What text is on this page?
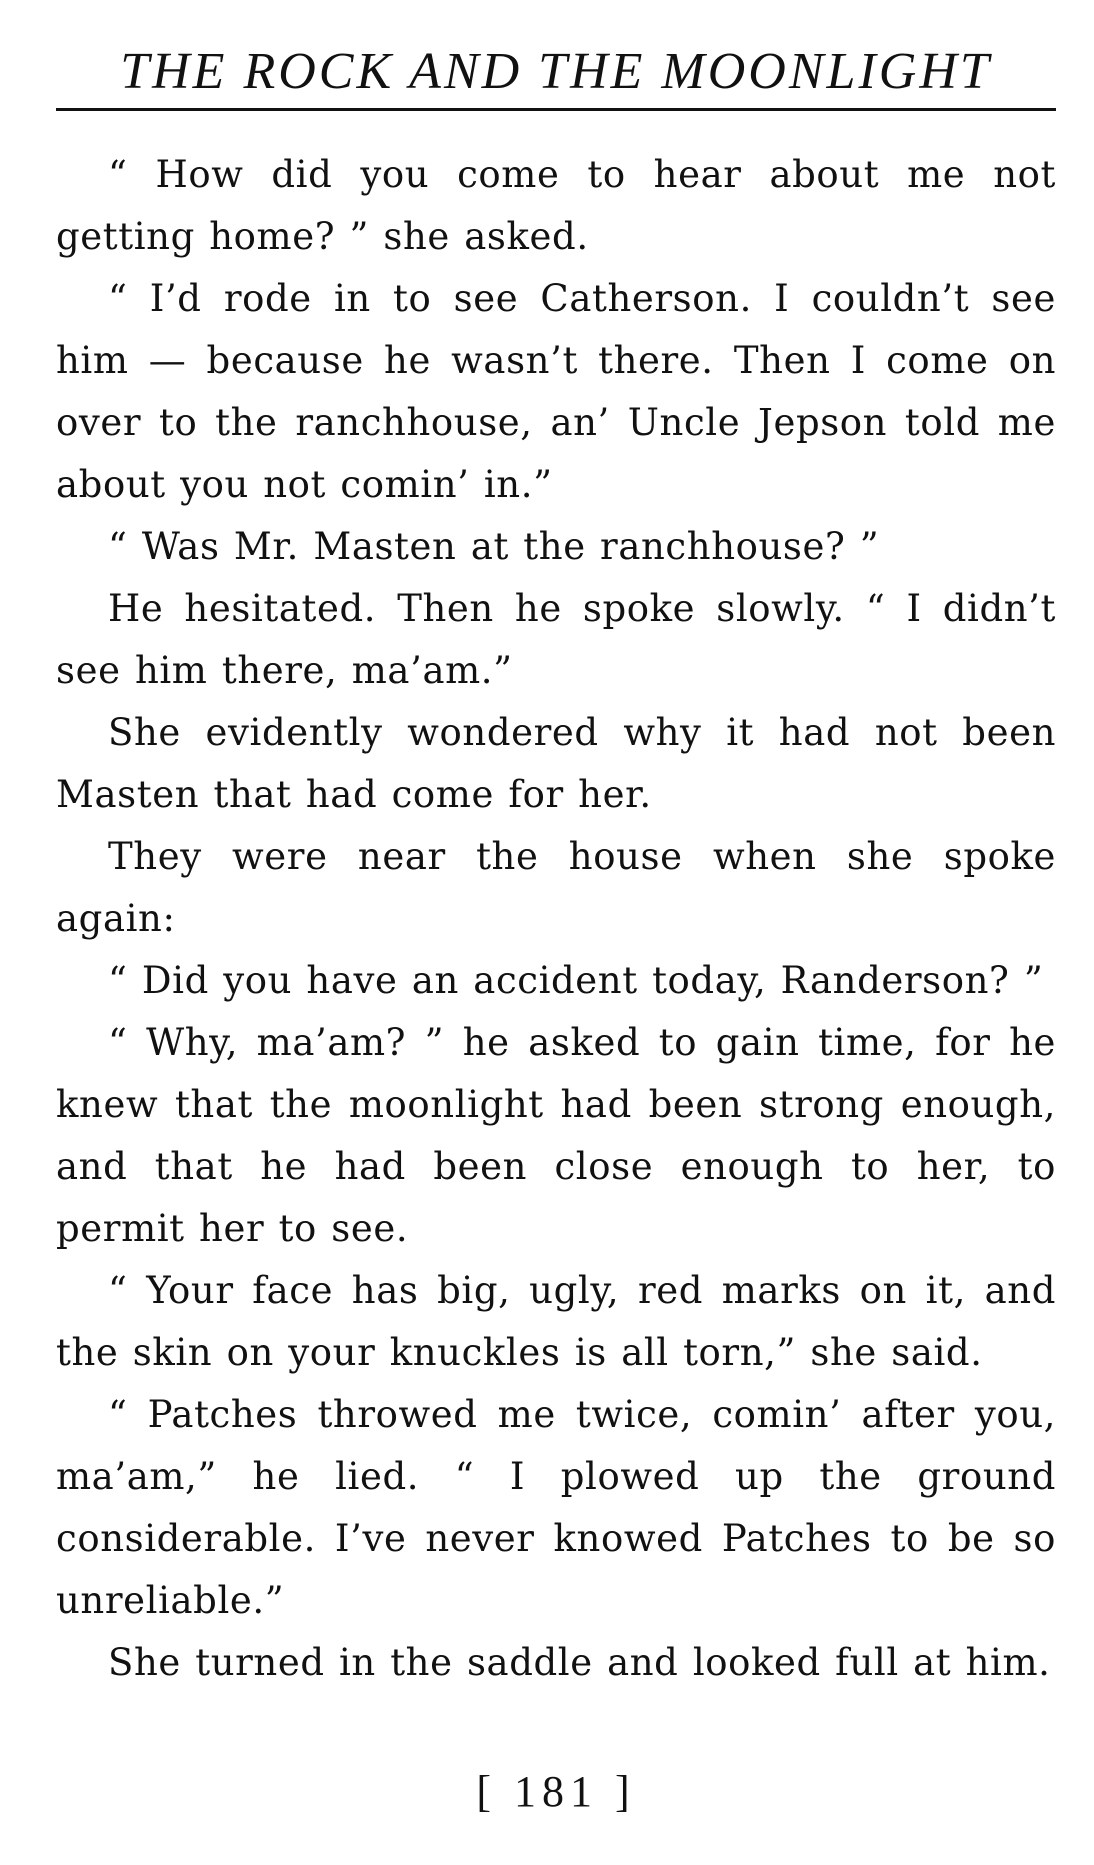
THE ROCK AND THE MOONLIGHT

“ How did you come to hear about me not getting home? ” she asked.

“ I’d rode in to see Catherson. I couldn’t see him — because he wasn’t there. Then I come on over to the ranchhouse, an’ Uncle Jepson told me about you not comin’ in.”

“ Was Mr. Masten at the ranchhouse? ”

He hesitated. Then he spoke slowly. “ I didn’t see him there, ma’am.”

She evidently wondered why it had not been Masten that had come for her.

They were near the house when she spoke again:

“ Did you have an accident today, Randerson? ”

“ Why, ma’am? ” he asked to gain time, for he knew that the moonlight had been strong enough, and that he had been close enough to her, to permit her to see.

“ Your face has big, ugly, red marks on it, and the skin on your knuckles is all torn,” she said.

“ Patches throwed me twice, comin’ after you, ma’am,” he lied. “ I plowed up the ground considerable. I’ve never knowed Patches to be so unreliable.”

She turned in the saddle and looked full at him.

[ 181 ]
